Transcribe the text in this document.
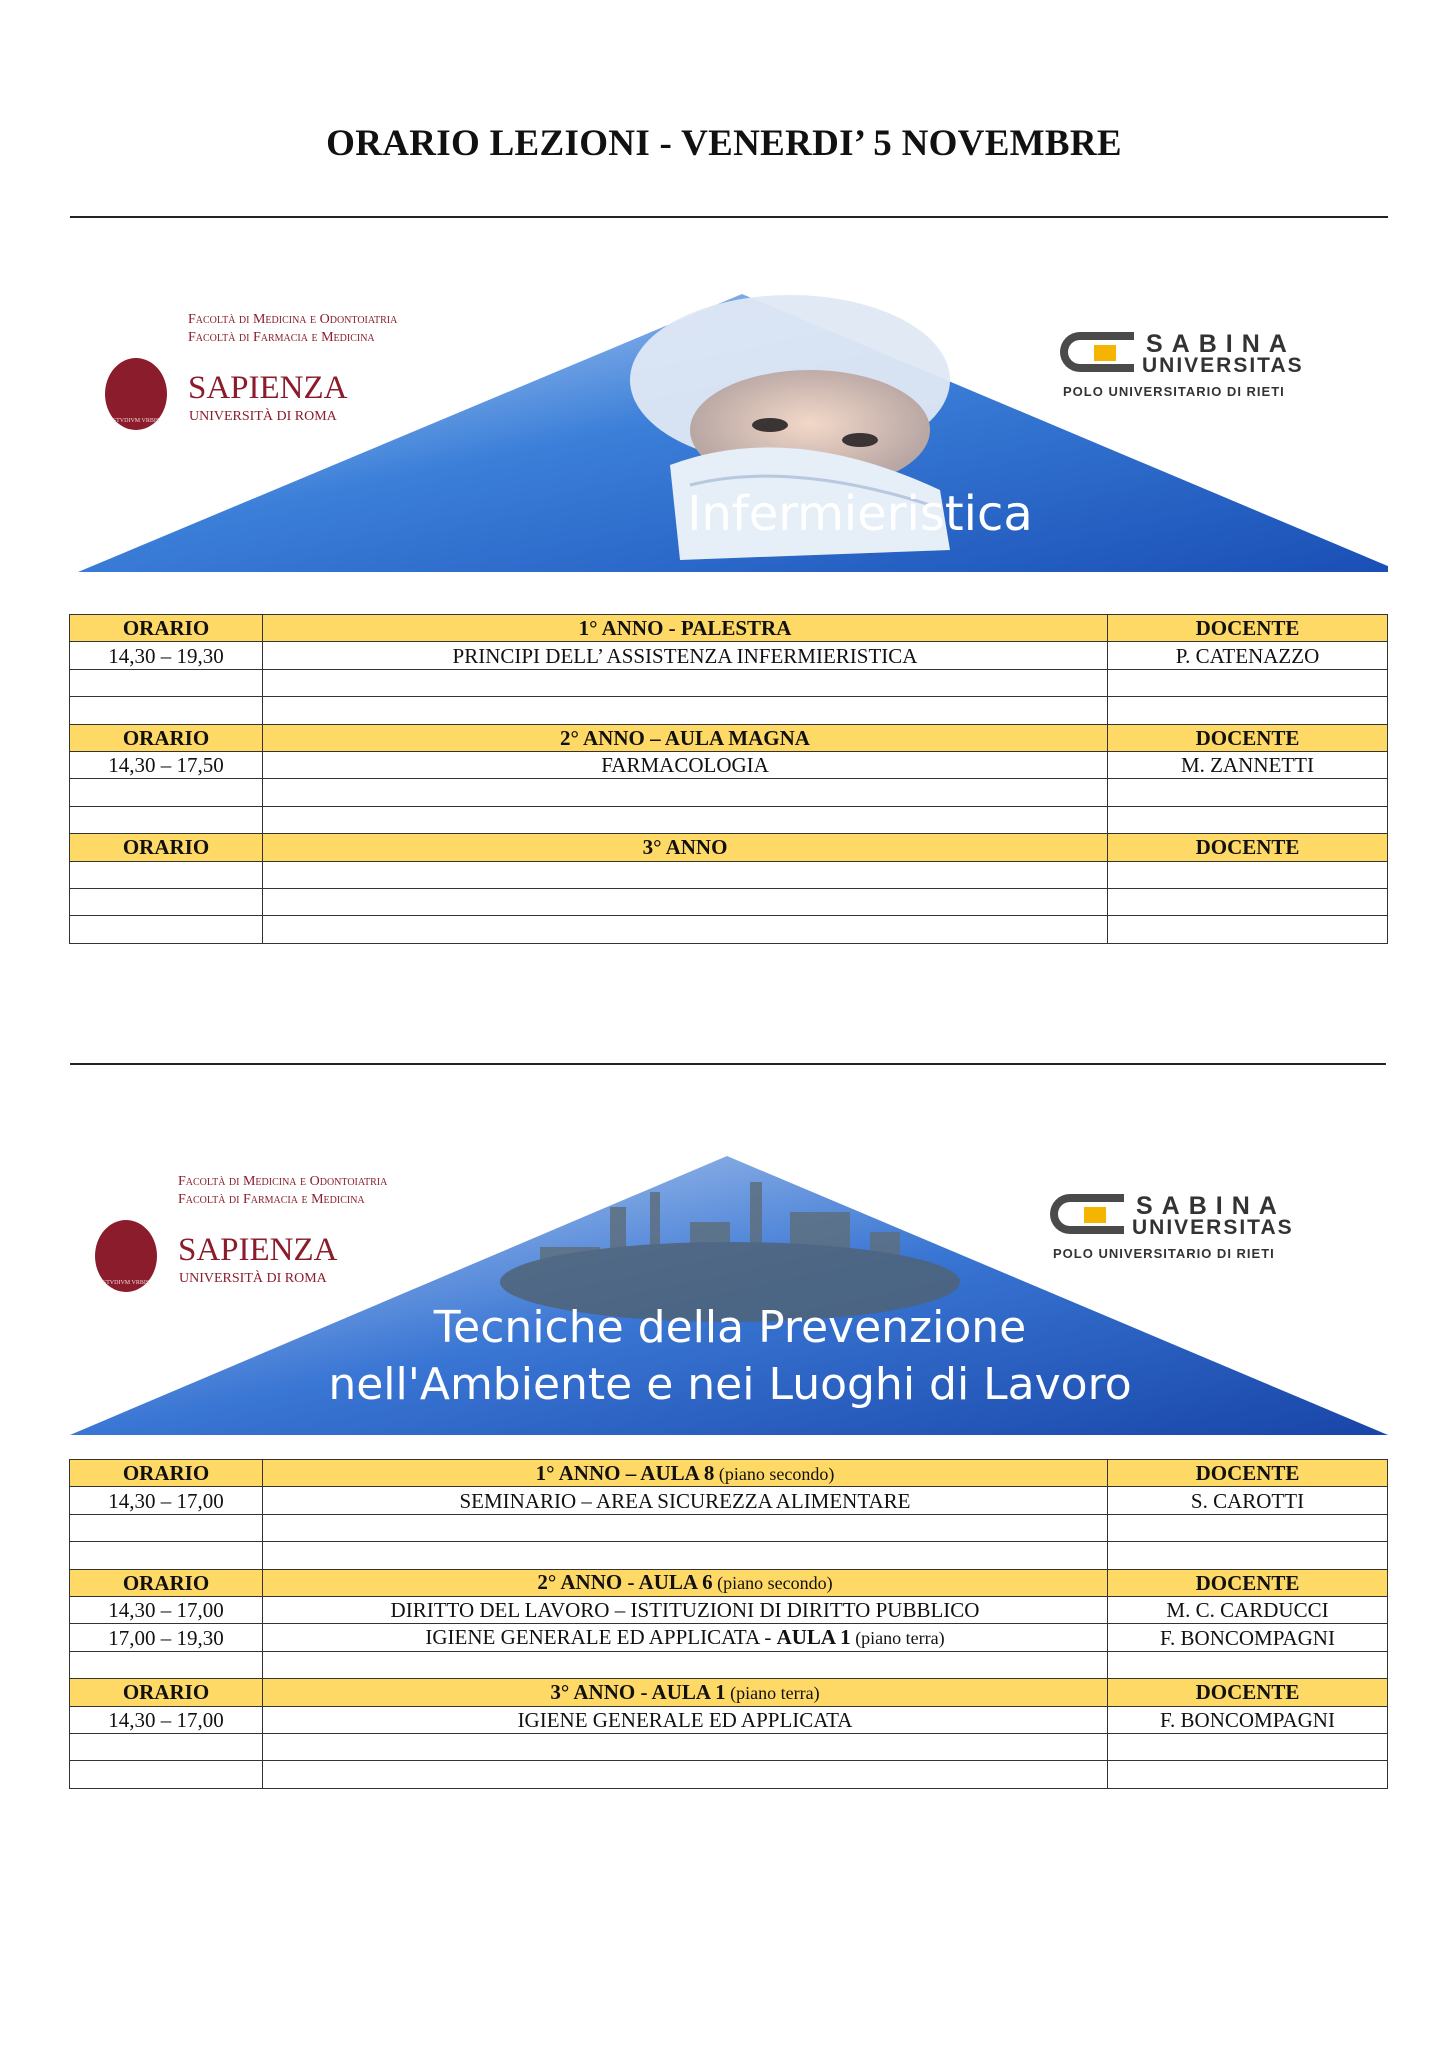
ORARIO LEZIONI - VENERDI’ 5 NOVEMBRE
Infermieristica
STVDIVM VRBIS
Facoltà di Medicina e Odontoiatria
Facoltà di Farmacia e Medicina
SAPIENZA
UNIVERSITÀ DI ROMA
SABINA
UNIVERSITAS
POLO UNIVERSITARIO DI RIETI
ORARIO	1° ANNO - PALESTRA	DOCENTE
14,30 – 19,30	PRINCIPI DELL’ ASSISTENZA INFERMIERISTICA	P. CATENAZZO

ORARIO	2° ANNO – AULA MAGNA	DOCENTE
14,30 – 17,50	FARMACOLOGIA	M. ZANNETTI

ORARIO	3° ANNO	DOCENTE

Tecniche della Prevenzione
nell'Ambiente e nei Luoghi di Lavoro
STVDIVM VRBIS
Facoltà di Medicina e Odontoiatria
Facoltà di Farmacia e Medicina
SAPIENZA
UNIVERSITÀ DI ROMA
SABINA
UNIVERSITAS
POLO UNIVERSITARIO DI RIETI
ORARIO	1° ANNO – AULA 8 (piano secondo)	DOCENTE
14,30 – 17,00	SEMINARIO – AREA SICUREZZA ALIMENTARE	S. CAROTTI

ORARIO	2° ANNO - AULA 6 (piano secondo)	DOCENTE
14,30 – 17,00	DIRITTO DEL LAVORO – ISTITUZIONI DI DIRITTO PUBBLICO	M. C. CARDUCCI
17,00 – 19,30	IGIENE GENERALE ED APPLICATA - AULA 1 (piano terra)	F. BONCOMPAGNI

ORARIO	3° ANNO - AULA 1 (piano terra)	DOCENTE
14,30 – 17,00	IGIENE GENERALE ED APPLICATA	F. BONCOMPAGNI
